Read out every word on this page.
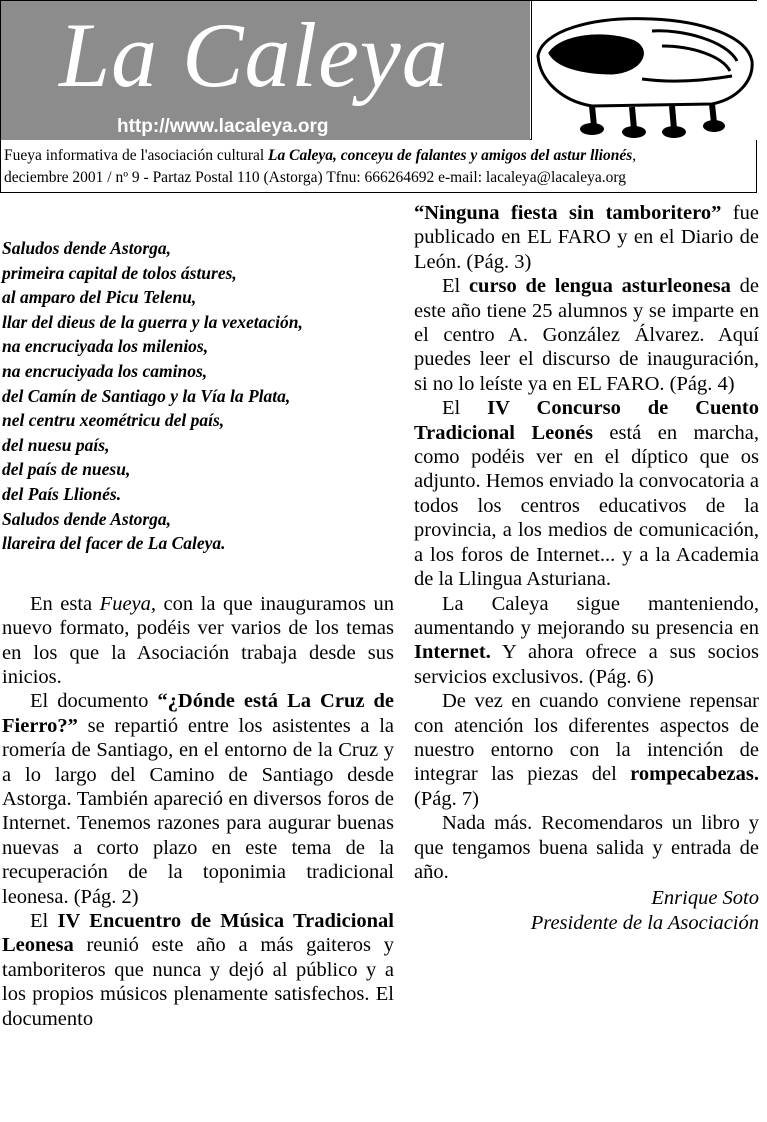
La Caleya
http://www.lacaleya.org
Fueya informativa de l'asociación cultural La Caleya, conceyu de falantes y amigos del astur llionés,
deciembre 2001 / nº 9 - Partaz Postal 110 (Astorga) Tfnu: 666264692 e-mail: lacaleya@lacaleya.org
Saludos dende Astorga,
primeira capital de tolos ástures,
al amparo del Picu Telenu,
llar del dieus de la guerra y la vexetación,
na encruciyada los milenios,
na encruciyada los caminos,
del Camín de Santiago y la Vía la Plata,
nel centru xeométricu del país,
del nuesu país,
del país de nuesu,
del País Llionés.
Saludos dende Astorga,
llareira del facer de La Caleya.

En esta Fueya, con la que inauguramos un nuevo formato, podéis ver varios de los temas en los que la Asociación trabaja desde sus inicios.

El documento “¿Dónde está La Cruz de Fierro?” se repartió entre los asistentes a la romería de Santiago, en el entorno de la Cruz y a lo largo del Camino de Santiago desde Astorga. También apareció en diversos foros de Internet. Tenemos razones para augurar buenas nuevas a corto plazo en este tema de la recuperación de la toponimia tradicional leonesa. (Pág. 2)

El IV Encuentro de Música Tradicional Leonesa reunió este año a más gaiteros y tamboriteros que nunca y dejó al público y a los propios músicos plenamente satisfechos. El documento

“Ninguna fiesta sin tamboritero” fue publicado en EL FARO y en el Diario de León. (Pág. 3)

El curso de lengua asturleonesa de este año tiene 25 alumnos y se imparte en el centro A. González Álvarez. Aquí puedes leer el discurso de inauguración, si no lo leíste ya en EL FARO. (Pág. 4)

El IV Concurso de Cuento Tradicional Leonés está en marcha, como podéis ver en el díptico que os adjunto. Hemos enviado la convocatoria a todos los centros educativos de la provincia, a los medios de comunicación, a los foros de Internet... y a la Academia de la Llingua Asturiana.

La Caleya sigue manteniendo, aumentando y mejorando su presencia en Internet. Y ahora ofrece a sus socios servicios exclusivos. (Pág. 6)

De vez en cuando conviene repensar con atención los diferentes aspectos de nuestro entorno con la intención de integrar las piezas del rompecabezas. (Pág. 7)

Nada más. Recomendaros un libro y que tengamos buena salida y entrada de año.

Enrique Soto
Presidente de la Asociación
